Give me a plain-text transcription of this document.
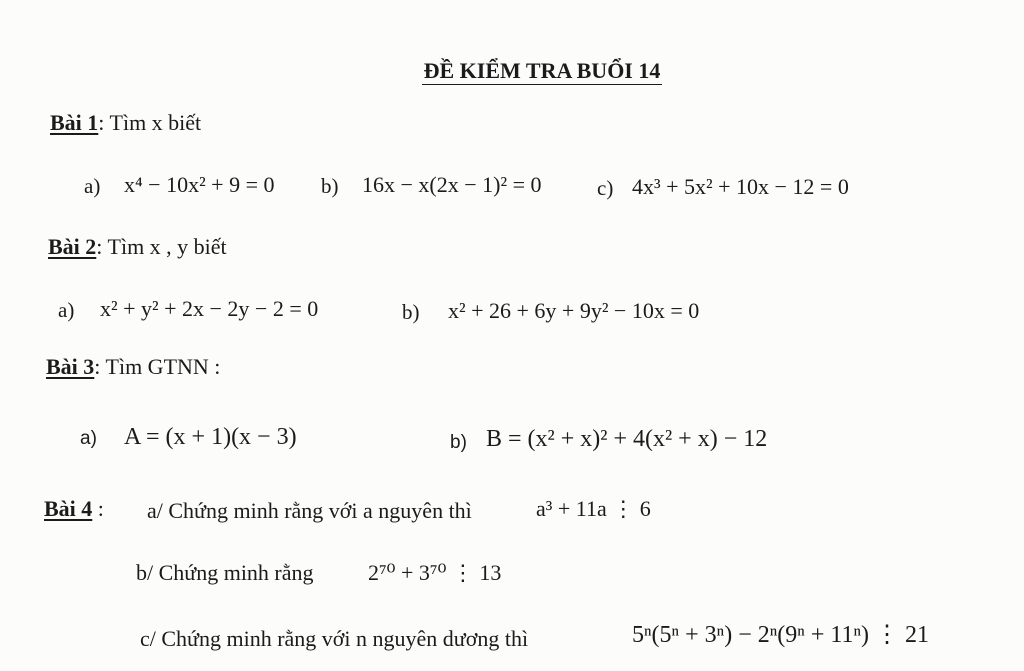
ĐỀ KIỂM TRA BUỔI 14
Bài 1: Tìm x biết
a) x⁴ − 10x² + 9 = 0 b) 16x − x(2x − 1)² = 0	c) 4x³ + 5x² + 10x − 12 = 0
Bài 2: Tìm x , y biết
a) x² + y² + 2x − 2y − 2 = 0	b) x² + 26 + 6y + 9y² − 10x = 0
Bài 3: Tìm GTNN :
a) A = (x + 1)(x − 3)	b) B = (x² + x)² + 4(x² + x) − 12
Bài 4 : a/ Chứng minh rằng với a nguyên thì	a³ + 11a ⋮ 6
b/ Chứng minh rằng 2⁷⁰ + 3⁷⁰ ⋮ 13
c/ Chứng minh rằng với n nguyên dương thì	5ⁿ(5ⁿ + 3ⁿ) − 2ⁿ(9ⁿ + 11ⁿ) ⋮ 21
